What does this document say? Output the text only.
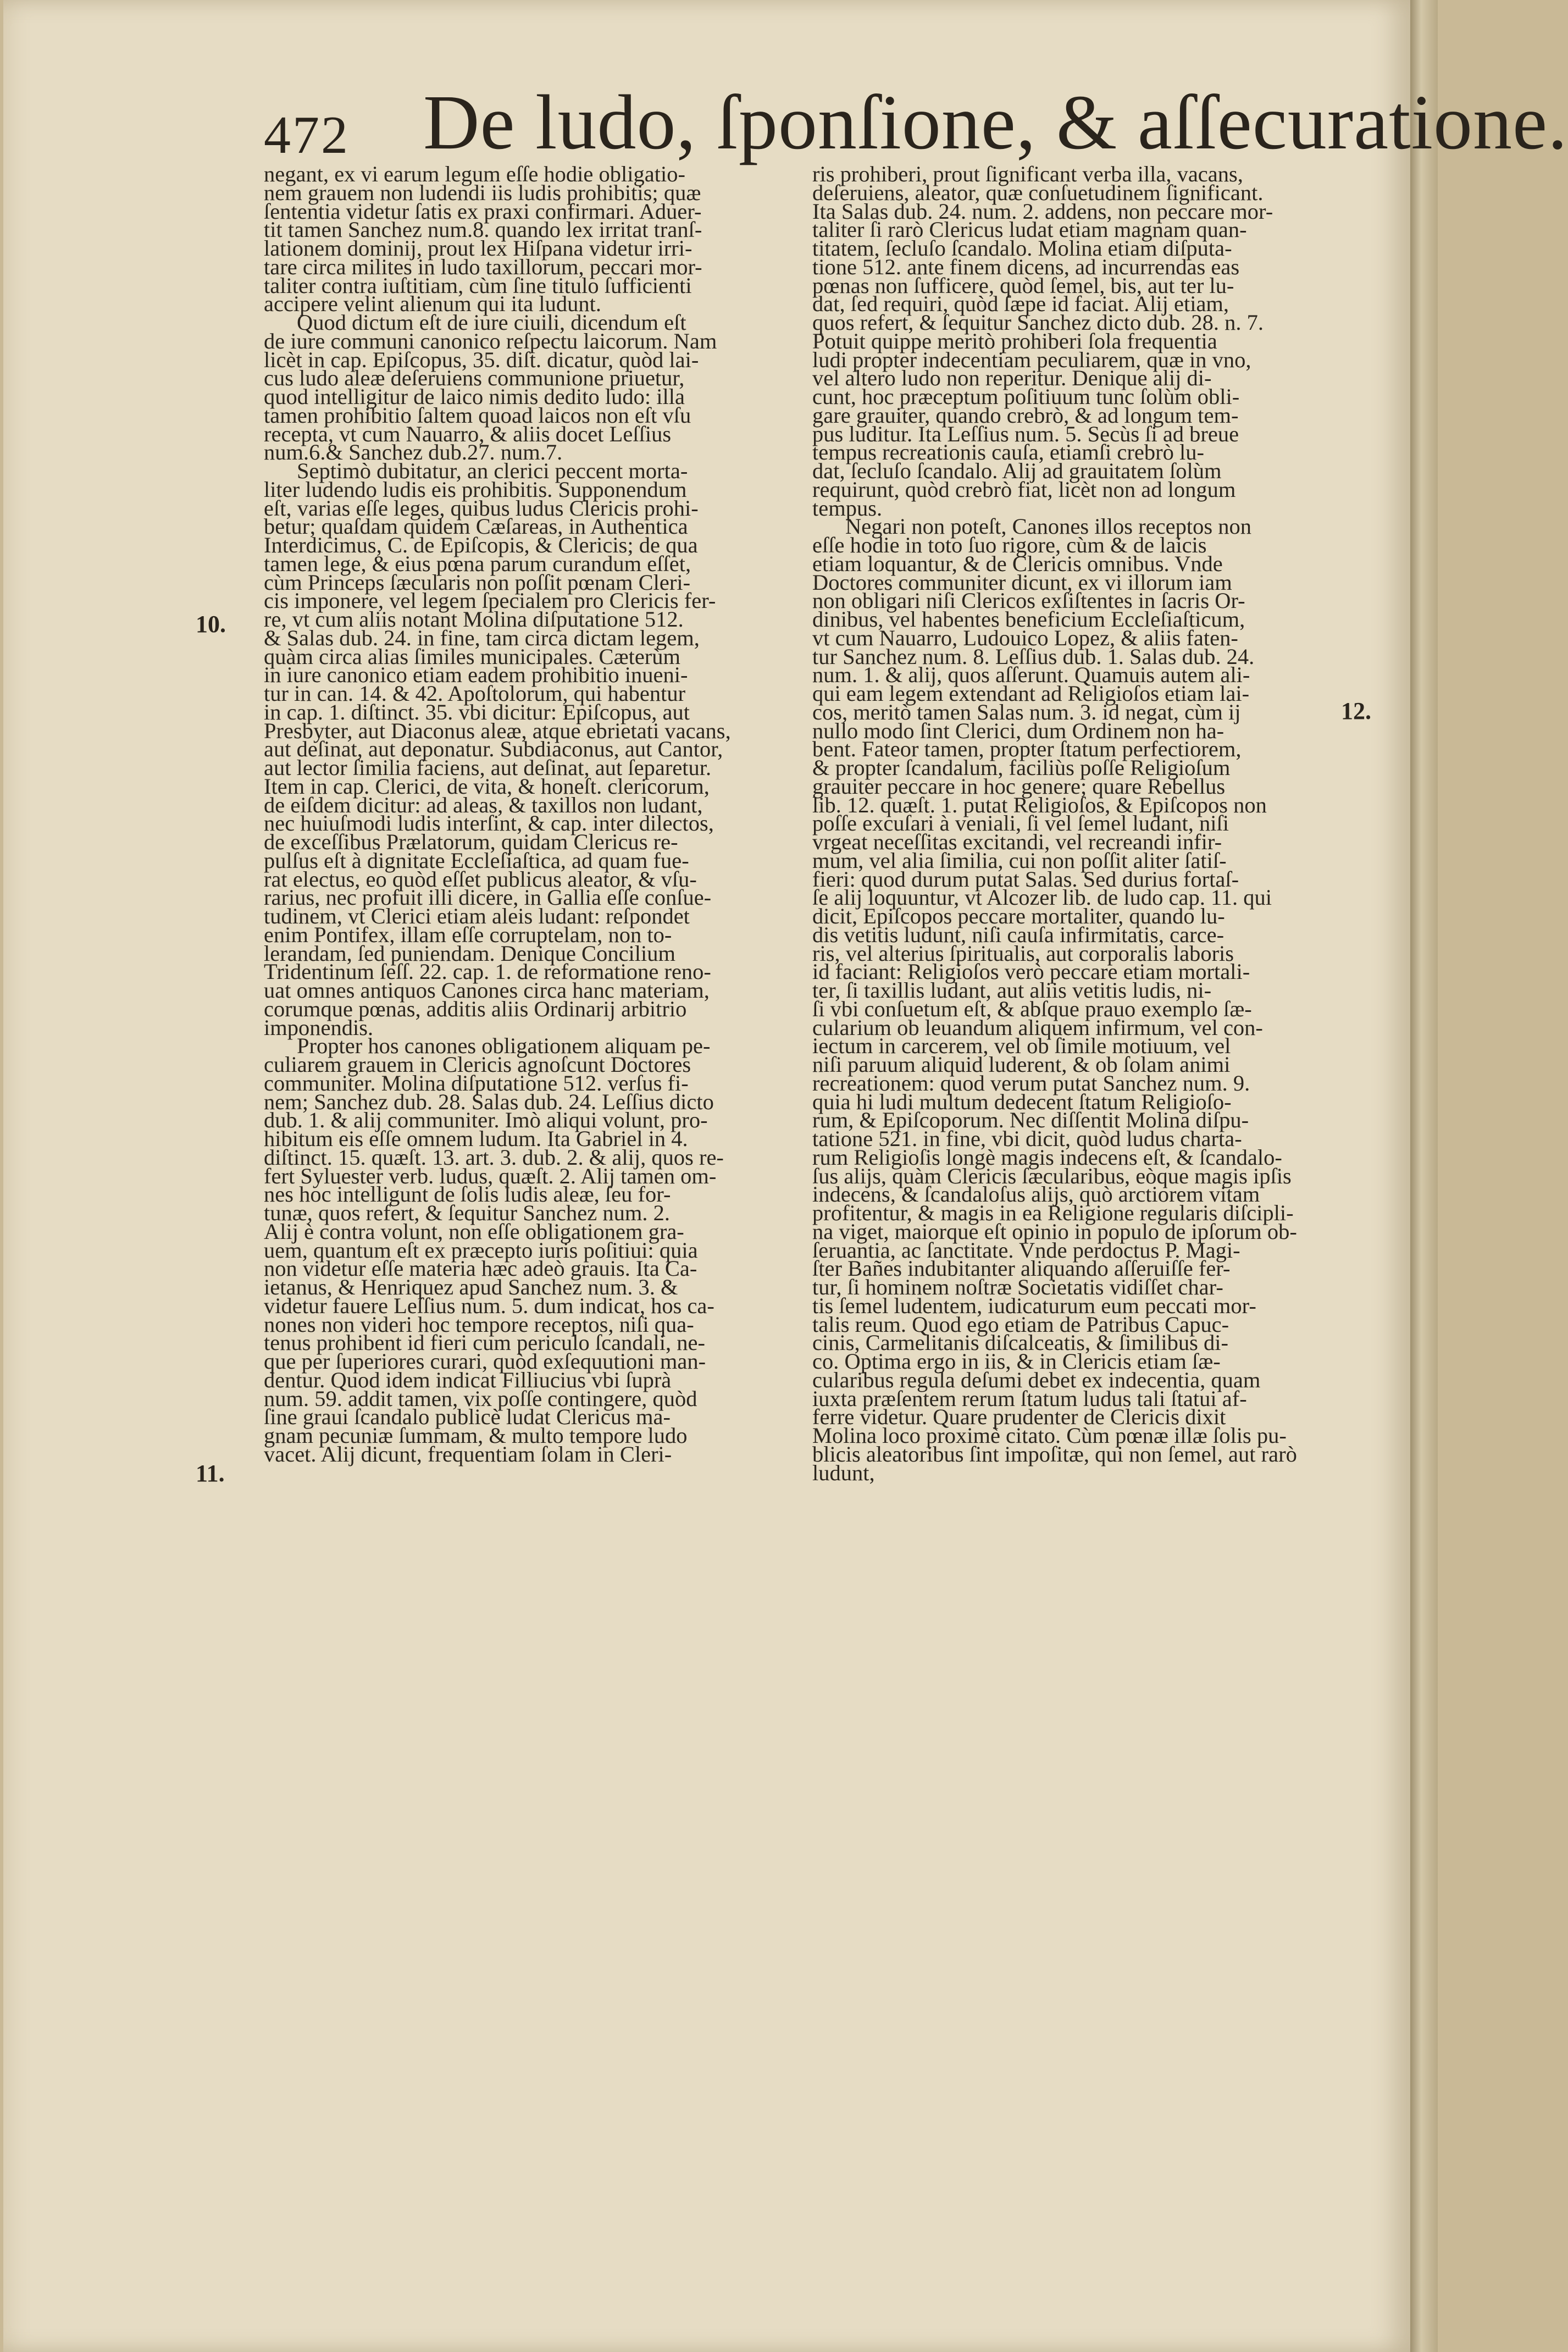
472 De ludo, ſponſione, & aſſecuratione.
10.
11.
12.

negant, ex vi earum legum eſſe hodie obligatio-
nem grauem non ludendi iis ludis prohibitis; quæ
ſententia videtur ſatis ex praxi confirmari. Aduer-
tit tamen Sanchez num.8. quando lex irritat tranſ-
lationem dominij, prout lex Hiſpana videtur irri-
tare circa milites in ludo taxillorum, peccari mor-
taliter contra iuſtitiam, cùm ſine titulo ſufficienti
accipere velint alienum qui ita ludunt.

Quod dictum eſt de iure ciuili, dicendum eſt
de iure communi canonico reſpectu laicorum. Nam
licèt in cap. Epiſcopus, 35. diſt. dicatur, quòd lai-
cus ludo aleæ deſeruiens communione priuetur,
quod intelligitur de laico nimis dedito ludo: illa
tamen prohibitio ſaltem quoad laicos non eſt vſu
recepta, vt cum Nauarro, & aliis docet Leſſius
num.6.& Sanchez dub.27. num.7.

Septimò dubitatur, an clerici peccent morta-
liter ludendo ludis eis prohibitis. Supponendum
eſt, varias eſſe leges, quibus ludus Clericis prohi-
betur; quaſdam quidem Cæſareas, in Authentica
Interdicimus, C. de Epiſcopis, & Clericis; de qua
tamen lege, & eius pœna parum curandum eſſet,
cùm Princeps ſæcularis non poſſit pœnam Cleri-
cis imponere, vel legem ſpecialem pro Clericis fer-
re, vt cum aliis notant Molina diſputatione 512.
& Salas dub. 24. in fine, tam circa dictam legem,
quàm circa alias ſimiles municipales. Cæterùm
in iure canonico etiam eadem prohibitio inueni-
tur in can. 14. & 42. Apoſtolorum, qui habentur
in cap. 1. diſtinct. 35. vbi dicitur: Epiſcopus, aut
Presbyter, aut Diaconus aleæ, atque ebrietati vacans,
aut deſinat, aut deponatur. Subdiaconus, aut Cantor,
aut lector ſimilia faciens, aut deſinat, aut ſeparetur.
Item in cap. Clerici, de vita, & honeſt. clericorum,
de eiſdem dicitur: ad aleas, & taxillos non ludant,
nec huiuſmodi ludis interſint, & cap. inter dilectos,
de exceſſibus Prælatorum, quidam Clericus re-
pulſus eſt à dignitate Eccleſiaſtica, ad quam fue-
rat electus, eo quòd eſſet publicus aleator, & vſu-
rarius, nec profuit illi dicere, in Gallia eſſe conſue-
tudinem, vt Clerici etiam aleis ludant: reſpondet
enim Pontifex, illam eſſe corruptelam, non to-
lerandam, ſed puniendam. Denique Concilium
Tridentinum ſeſſ. 22. cap. 1. de reformatione reno-
uat omnes antiquos Canones circa hanc materiam,
corumque pœnas, additis aliis Ordinarij arbitrio
imponendis.

Propter hos canones obligationem aliquam pe-
culiarem grauem in Clericis agnoſcunt Doctores
communiter. Molina diſputatione 512. verſus fi-
nem; Sanchez dub. 28. Salas dub. 24. Leſſius dicto
dub. 1. & alij communiter. Imò aliqui volunt, pro-
hibitum eis eſſe omnem ludum. Ita Gabriel in 4.
diſtinct. 15. quæſt. 13. art. 3. dub. 2. & alij, quos re-
fert Syluester verb. ludus, quæſt. 2. Alij tamen om-
nes hoc intelligunt de ſolis ludis aleæ, ſeu for-
tunæ, quos refert, & ſequitur Sanchez num. 2.
Alij è contra volunt, non eſſe obligationem gra-
uem, quantum eſt ex præcepto iuris poſitiui: quia
non videtur eſſe materia hæc adeò grauis. Ita Ca-
ietanus, & Henriquez apud Sanchez num. 3. &
videtur fauere Leſſius num. 5. dum indicat, hos ca-
nones non videri hoc tempore receptos, niſi qua-
tenus prohibent id fieri cum periculo ſcandali, ne-
que per ſuperiores curari, quòd exſequutioni man-
dentur. Quod idem indicat Filliucius vbi ſuprà
num. 59. addit tamen, vix poſſe contingere, quòd
ſine graui ſcandalo publicè ludat Clericus ma-
gnam pecuniæ ſummam, & multo tempore ludo
vacet. Alij dicunt, frequentiam ſolam in Cleri-

ris prohiberi, prout ſignificant verba illa, vacans,
deſeruiens, aleator, quæ conſuetudinem ſignificant.
Ita Salas dub. 24. num. 2. addens, non peccare mor-
taliter ſi rarò Clericus ludat etiam magnam quan-
titatem, ſecluſo ſcandalo. Molina etiam diſputa-
tione 512. ante finem dicens, ad incurrendas eas
pœnas non ſufficere, quòd ſemel, bis, aut ter lu-
dat, ſed requiri, quòd ſæpe id faciat. Alij etiam,
quos refert, & ſequitur Sanchez dicto dub. 28. n. 7.
Potuit quippe meritò prohiberi ſola frequentia
ludi propter indecentiam peculiarem, quæ in vno,
vel altero ludo non reperitur. Denique alij di-
cunt, hoc præceptum poſitiuum tunc ſolùm obli-
gare grauiter, quando crebrò, & ad longum tem-
pus luditur. Ita Leſſius num. 5. Secùs ſi ad breue
tempus recreationis cauſa, etiamſi crebrò lu-
dat, ſecluſo ſcandalo. Alij ad grauitatem ſolùm
requirunt, quòd crebrò fiat, licèt non ad longum
tempus.

Negari non poteſt, Canones illos receptos non
eſſe hodie in toto ſuo rigore, cùm & de laicis
etiam loquantur, & de Clericis omnibus. Vnde
Doctores communiter dicunt, ex vi illorum iam
non obligari niſi Clericos exſiſtentes in ſacris Or-
dinibus, vel habentes beneficium Eccleſiaſticum,
vt cum Nauarro, Ludouico Lopez, & aliis faten-
tur Sanchez num. 8. Leſſius dub. 1. Salas dub. 24.
num. 1. & alij, quos aſſerunt. Quamuis autem ali-
qui eam legem extendant ad Religioſos etiam lai-
cos, meritò tamen Salas num. 3. id negat, cùm ij
nullo modo ſint Clerici, dum Ordinem non ha-
bent. Fateor tamen, propter ſtatum perfectiorem,
& propter ſcandalum, faciliùs poſſe Religioſum
grauiter peccare in hoc genere; quare Rebellus
lib. 12. quæſt. 1. putat Religioſos, & Epiſcopos non
poſſe excuſari à veniali, ſi vel ſemel ludant, niſi
vrgeat neceſſitas excitandi, vel recreandi infir-
mum, vel alia ſimilia, cui non poſſit aliter ſatiſ-
fieri: quod durum putat Salas. Sed durius fortaſ-
ſe alij loquuntur, vt Alcozer lib. de ludo cap. 11. qui
dicit, Epiſcopos peccare mortaliter, quando lu-
dis vetitis ludunt, niſi cauſa infirmitatis, carce-
ris, vel alterius ſpiritualis, aut corporalis laboris
id faciant: Religioſos verò peccare etiam mortali-
ter, ſi taxillis ludant, aut aliis vetitis ludis, ni-
ſi vbi conſuetum eſt, & abſque prauo exemplo ſæ-
cularium ob leuandum aliquem infirmum, vel con-
iectum in carcerem, vel ob ſimile motiuum, vel
niſi paruum aliquid luderent, & ob ſolam animi
recreationem: quod verum putat Sanchez num. 9.
quia hi ludi multum dedecent ſtatum Religioſo-
rum, & Epiſcoporum. Nec diſſentit Molina diſpu-
tatione 521. in fine, vbi dicit, quòd ludus charta-
rum Religioſis longè magis indecens eſt, & ſcandalo-
ſus alijs, quàm Clericis ſæcularibus, eòque magis ipſis
indecens, & ſcandaloſus alijs, quò arctiorem vitam
profitentur, & magis in ea Religione regularis diſcipli-
na viget, maiorque eſt opinio in populo de ipſorum ob-
ſeruantia, ac ſanctitate. Vnde perdoctus P. Magi-
ſter Bañes indubitanter aliquando aſſeruiſſe fer-
tur, ſi hominem noſtræ Societatis vidiſſet char-
tis ſemel ludentem, iudicaturum eum peccati mor-
talis reum. Quod ego etiam de Patribus Capuc-
cinis, Carmelitanis diſcalceatis, & ſimilibus di-
co. Optima ergo in iis, & in Clericis etiam ſæ-
cularibus regula deſumi debet ex indecentia, quam
iuxta præſentem rerum ſtatum ludus tali ſtatui af-
ferre videtur. Quare prudenter de Clericis dixit
Molina loco proximè citato. Cùm pœnæ illæ ſolis pu-
blicis aleatoribus ſint impoſitæ, qui non ſemel, aut rarò
ludunt,
